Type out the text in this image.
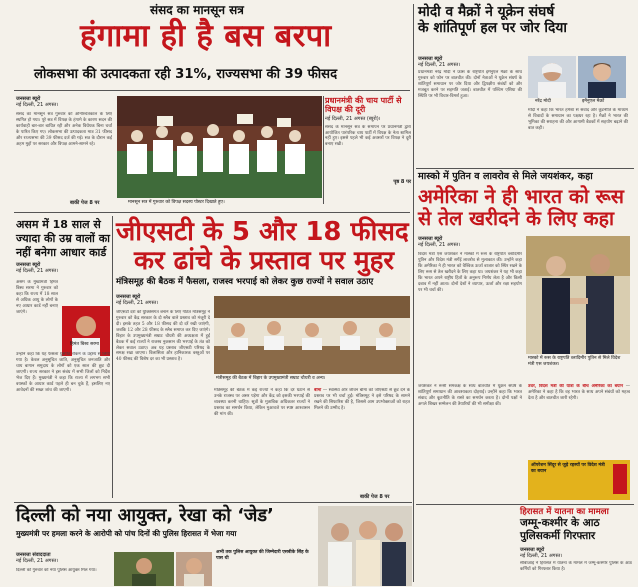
संसद का मानसून सत्र
हंगामा ही है बस बरपा
लोकसभा की उत्पादकता रही 31%, राज्यसभा की 39 फीसद
जनसत्ता ब्यूरो
नई दिल्ली, 21 अगस्त।
संसद का मानसून सत्र गुरुवार को अनिश्चितकाल के लिए स्थगित हो गया। पूरे सत्र में विपक्ष के हंगामे के कारण सदन की कार्यवाही बार-बार बाधित रही और अनेक विधेयक बिना चर्चा के पारित किए गए। लोकसभा की उत्पादकता मात्र 31 फीसद और राज्यसभा की 39 फीसद दर्ज की गई। सत्र के दौरान कई अहम मुद्दों पर सरकार और विपक्ष आमने-सामने रहे।
बाकी पेज 8 पर	मानसून सत्र में गुरुवार को विपक्ष सदस्य पोस्टर दिखाते हुए।
प्रधानमंत्री की चाय पार्टी से विपक्ष की दूरी
नई दिल्ली, 21 अगस्त (ब्यूरो)।
संसद के मानसून सत्र के समापन पर प्रधानमंत्री द्वारा आयोजित पारंपरिक चाय पार्टी में विपक्ष के नेता शामिल नहीं हुए। इससे पहले भी कई अवसरों पर विपक्ष ने दूरी बनाए रखी।
पृष्ठ 8 पर
मोदी व मैक्रों ने यूक्रेन संघर्ष
के शांतिपूर्ण हल पर जोर दिया
जनसत्ता ब्यूरो
नई दिल्ली, 21 अगस्त।
प्रधानमंत्री नरेंद्र मोदी ने फ्रांस के राष्ट्रपति इमैनुएल मैक्रों के साथ गुरुवार को फोन पर बातचीत की। दोनों नेताओं ने यूक्रेन संघर्ष के शांतिपूर्ण समाधान पर जोर दिया और द्विपक्षीय संबंधों को और मजबूत करने पर सहमति जताई। बातचीत में पश्चिम एशिया की स्थिति पर भी विचार-विमर्श हुआ।
नरेंद्र मोदी	इमैनुएल मैक्रों
मोदी ने कहा कि भारत हमेशा से संवाद और कूटनीति के माध्यम से विवादों के समाधान का पक्षधर रहा है। मैक्रों ने भारत की भूमिका की सराहना की और आगामी बैठकों में सहयोग बढ़ाने की बात कही।
मास्को में पुतिन व लावरोव से मिले जयशंकर, कहा
अमेरिका ने ही भारत को रूस
से तेल खरीदने के लिए कहा
जनसत्ता ब्यूरो
नई दिल्ली, 21 अगस्त।
विदेश मंत्री एस जयशंकर ने मास्को में रूस के राष्ट्रपति व्लादिमीर पुतिन और विदेश मंत्री सर्गेई लावरोव से मुलाकात की। उन्होंने कहा कि अमेरिका ने ही भारत को वैश्विक ऊर्जा बाजार को स्थिर रखने के लिए रूस से तेल खरीदने के लिए कहा था। जयशंकर ने यह भी कहा कि भारत अपने राष्ट्रीय हितों के अनुरूप निर्णय लेता है और किसी दबाव में नहीं आता। दोनों देशों ने व्यापार, ऊर्जा और रक्षा सहयोग पर भी चर्चा की।
मास्को में रूस के राष्ट्रपति व्लादिमीर पुतिन से मिले विदेश मंत्री एस जयशंकर।
उधर, विदेश मंत्री की यात्रा के बीच अमेरिका का बयान — अमेरिका ने कहा है कि वह भारत के साथ अपने संबंधों को महत्व देता है और बातचीत जारी रहेगी।
जयशंकर ने रूसी समकक्ष के साथ बातचीत में यूक्रेन संघर्ष के शांतिपूर्ण समाधान की आवश्यकता दोहराई। उन्होंने कहा कि भारत संवाद और कूटनीति के रास्ते का समर्थन करता है। दोनों पक्षों ने अगले शिखर सम्मेलन की तैयारियों की भी समीक्षा की।
ऑपरेशन सिंदूर से जुड़े रहस्यों पर विदेश मंत्री का बयान
हिरासत में यातना का मामला
जम्मू-कश्मीर के आठ
पुलिसकर्मी गिरफ्तार
जनसत्ता ब्यूरो
नई दिल्ली, 21 अगस्त।
सीबीआई ने हिरासत में यातना के मामले में जम्मू-कश्मीर पुलिस के आठ कर्मियों को गिरफ्तार किया है।
असम में 18 साल से
ज्यादा की उम्र वालों का
नहीं बनेगा आधार कार्ड
जनसत्ता ब्यूरो
नई दिल्ली, 21 अगस्त।
असम के मुख्यमंत्री हिमंत बिस्व सरमा ने गुरुवार को कहा कि राज्य में 18 साल से अधिक आयु के लोगों के नए आधार कार्ड नहीं बनाए जाएंगे।
हिमंत बिस्व सरमा
उन्होंने कहा कि यह फैसला घुसपैठ रोकने के उद्देश्य से लिया गया है। केवल अनुसूचित जाति, अनुसूचित जनजाति और चाय बागान समुदाय के लोगों को एक साल की छूट दी जाएगी। राज्य सरकार ने इस संबंध में सभी जिलों को निर्देश भेज दिए हैं। मुख्यमंत्री ने कहा कि राज्य में लगभग सभी वयस्कों के आधार कार्ड पहले ही बन चुके हैं, इसलिए नए आवेदनों की सख्त जांच की जाएगी।
जीएसटी के 5 और 18 फीसद
कर ढांचे के प्रस्ताव पर मुहर
मंत्रिसमूह की बैठक में फैसला, राजस्व भरपाई को लेकर कुछ राज्यों ने सवाल उठाए
जनसत्ता ब्यूरो
नई दिल्ली, 21 अगस्त।
जीएसटी दरों को युक्तिसंगत बनाने के लिए गठित मंत्रिसमूह ने गुरुवार को केंद्र सरकार के दो स्लैब वाले प्रस्ताव को मंजूरी दे दी। इसके तहत 5 और 18 फीसद की दो दरें रखी जाएंगी, जबकि 12 और 28 फीसद के स्लैब समाप्त कर दिए जाएंगे। बिहार के उपमुख्यमंत्री सम्राट चौधरी की अध्यक्षता में हुई बैठक में कई राज्यों ने राजस्व नुकसान की भरपाई के तंत्र को लेकर सवाल उठाए। अब यह प्रस्ताव जीएसटी परिषद के समक्ष रखा जाएगा। विलासिता और हानिकारक वस्तुओं पर 40 फीसद की विशेष दर का भी प्रस्ताव है।
मंत्रीसमूह की बैठक में बिहार के उपमुख्यमंत्री सम्राट चौधरी व अन्य।
मंत्रिसमूह की बैठक में कई राज्यों ने कहा कि दरें घटाने से उनके राजस्व पर असर पड़ेगा और केंद्र को इसकी भरपाई की व्यवस्था करनी चाहिए। सूत्रों के मुताबिक अधिकतर राज्यों ने प्रस्ताव का समर्थन किया, लेकिन मुआवजे पर स्पष्ट आश्वासन की मांग की।
बीमा — स्वास्थ्य और जीवन बीमा को जीएसटी से छूट देने के प्रस्ताव पर भी चर्चा हुई। मंत्रिसमूह ने इसे परिषद के सामने रखने की सिफारिश की है, जिससे आम उपभोक्ताओं को राहत मिलने की उम्मीद है।
बाकी पेज 8 पर
दिल्ली को नया आयुक्त, रेखा को ‘जेड’
मुख्यमंत्री पर हमला करने के आरोपी को पांच दिनों की पुलिस हिरासत में भेजा गया
जनसत्ता संवाददाता
नई दिल्ली, 21 अगस्त।
दिल्ली को गुरुवार को नया पुलिस आयुक्त मिल गया।
अभी तक पुलिस आयुक्त की जिम्मेदारी एसबीके सिंह के पास थी
